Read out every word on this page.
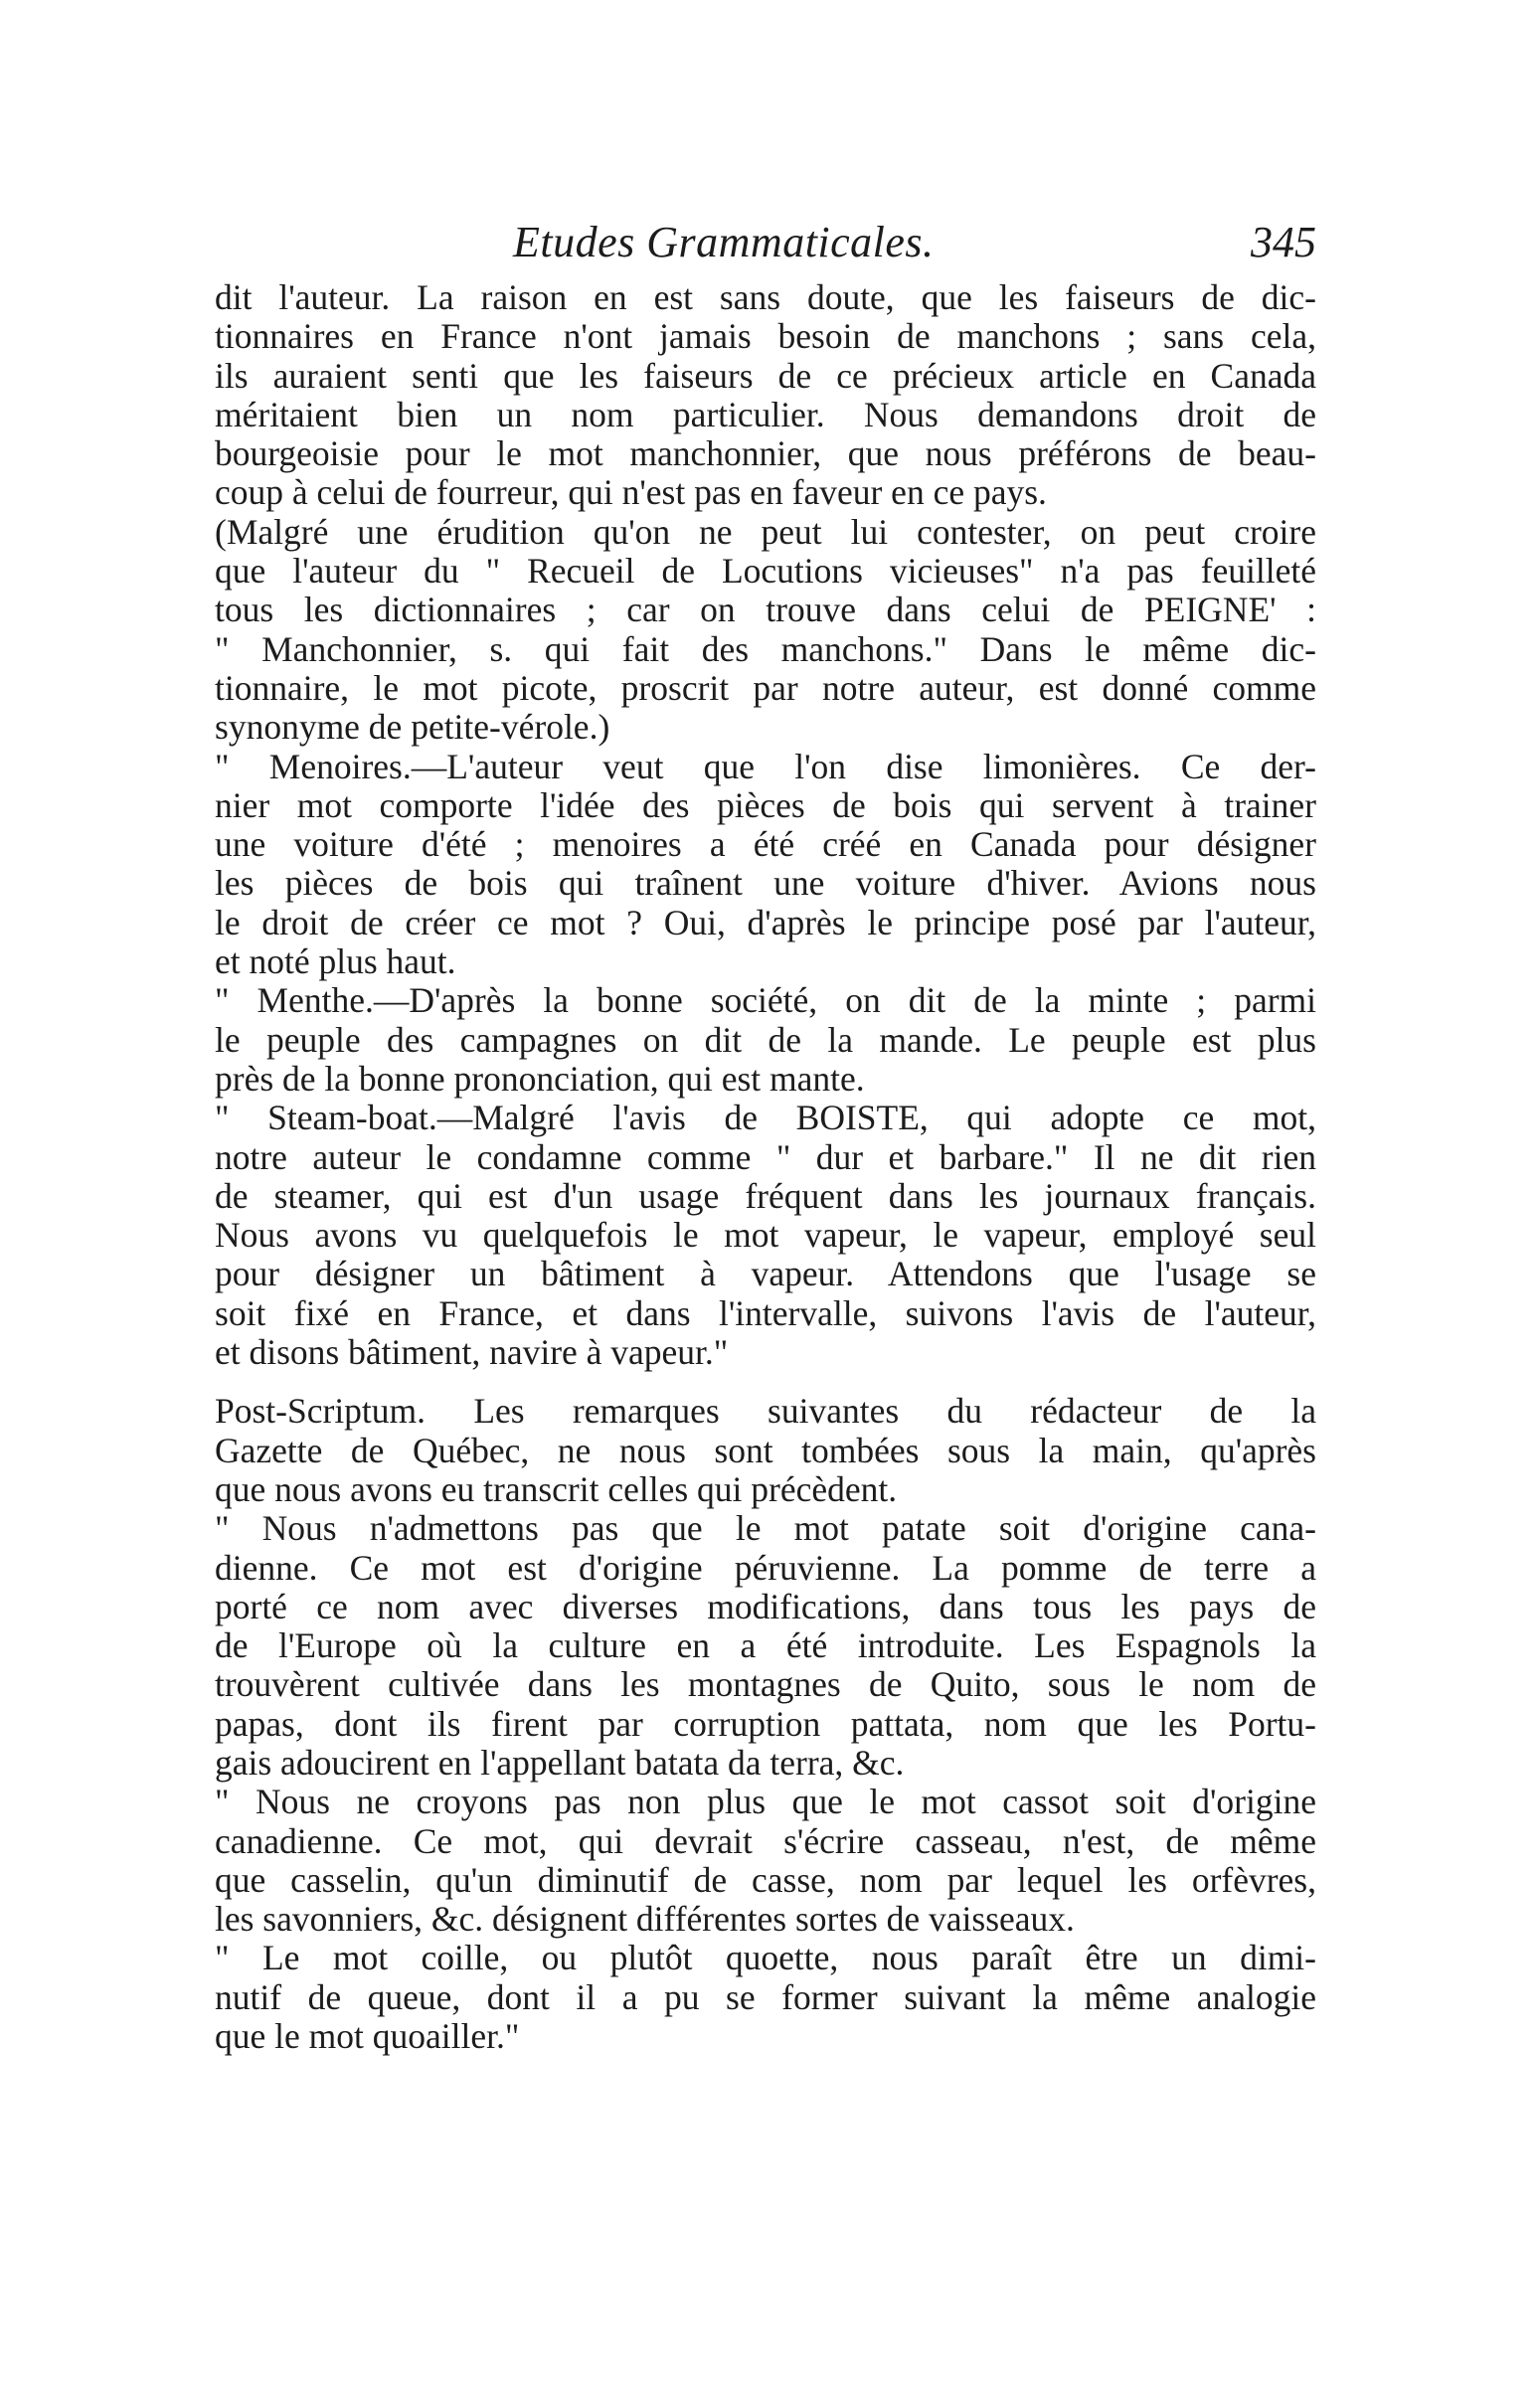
Etudes Grammaticales.	345

dit l'auteur. La raison en est sans doute, que les faiseurs de dic-

tionnaires en France n'ont jamais besoin de manchons ; sans cela,

ils auraient senti que les faiseurs de ce précieux article en Canada

méritaient bien un nom particulier. Nous demandons droit de

bourgeoisie pour le mot manchonnier, que nous préférons de beau-

coup à celui de fourreur, qui n'est pas en faveur en ce pays.

(Malgré une érudition qu'on ne peut lui contester, on peut croire

que l'auteur du " Recueil de Locutions vicieuses" n'a pas feuilleté

tous les dictionnaires ; car on trouve dans celui de PEIGNE' :

" Manchonnier, s. qui fait des manchons." Dans le même dic-

tionnaire, le mot picote, proscrit par notre auteur, est donné comme

synonyme de petite-vérole.)

" Menoires.—L'auteur veut que l'on dise limonières. Ce der-

nier mot comporte l'idée des pièces de bois qui servent à trainer

une voiture d'été ; menoires a été créé en Canada pour désigner

les pièces de bois qui traînent une voiture d'hiver. Avions nous

le droit de créer ce mot ? Oui, d'après le principe posé par l'auteur,

et noté plus haut.

" Menthe.—D'après la bonne société, on dit de la minte ; parmi

le peuple des campagnes on dit de la mande. Le peuple est plus

près de la bonne prononciation, qui est mante.

" Steam-boat.—Malgré l'avis de BOISTE, qui adopte ce mot,

notre auteur le condamne comme " dur et barbare." Il ne dit rien

de steamer, qui est d'un usage fréquent dans les journaux français.

Nous avons vu quelquefois le mot vapeur, le vapeur, employé seul

pour désigner un bâtiment à vapeur. Attendons que l'usage se

soit fixé en France, et dans l'intervalle, suivons l'avis de l'auteur,

et disons bâtiment, navire à vapeur."

Post-Scriptum. Les remarques suivantes du rédacteur de la

Gazette de Québec, ne nous sont tombées sous la main, qu'après

que nous avons eu transcrit celles qui précèdent.

" Nous n'admettons pas que le mot patate soit d'origine cana-

dienne. Ce mot est d'origine péruvienne. La pomme de terre a

porté ce nom avec diverses modifications, dans tous les pays de

de l'Europe où la culture en a été introduite. Les Espagnols la

trouvèrent cultivée dans les montagnes de Quito, sous le nom de

papas, dont ils firent par corruption pattata, nom que les Portu-

gais adoucirent en l'appellant batata da terra, &c.

" Nous ne croyons pas non plus que le mot cassot soit d'origine

canadienne. Ce mot, qui devrait s'écrire casseau, n'est, de même

que casselin, qu'un diminutif de casse, nom par lequel les orfèvres,

les savonniers, &c. désignent différentes sortes de vaisseaux.

" Le mot coille, ou plutôt quoette, nous paraît être un dimi-

nutif de queue, dont il a pu se former suivant la même analogie

que le mot quoailler."
